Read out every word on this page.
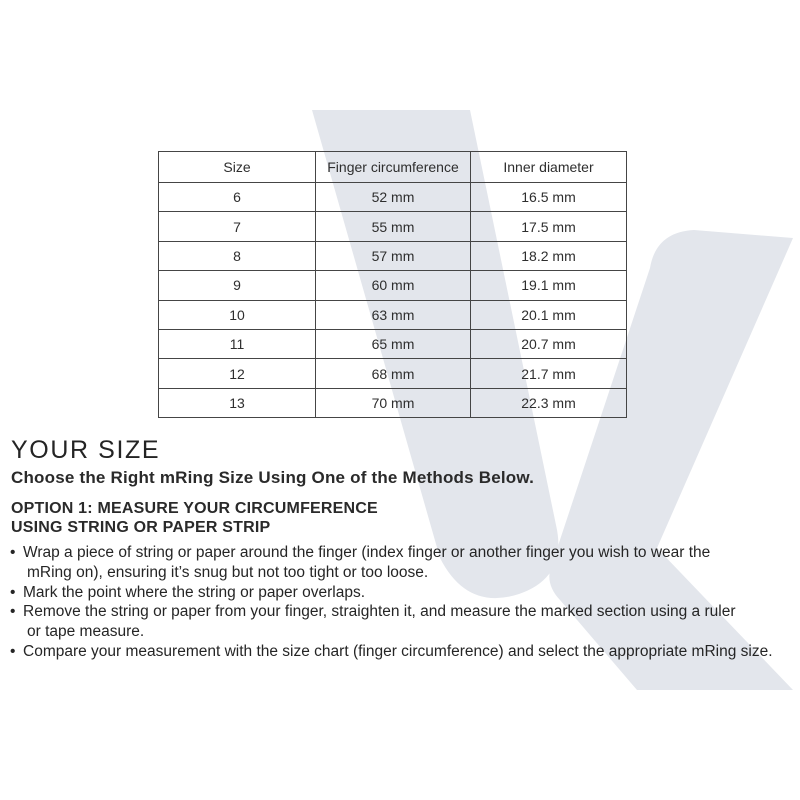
Size	Finger circumference	Inner diameter
6	52 mm	16.5 mm
7	55 mm	17.5 mm
8	57 mm	18.2 mm
9	60 mm	19.1 mm
10	63 mm	20.1 mm
11	65 mm	20.7 mm
12	68 mm	21.7 mm
13	70 mm	22.3 mm
YOUR SIZE

Choose the Right mRing Size Using One of the Methods Below.

OPTION 1: MEASURE YOUR CIRCUMFERENCE
USING STRING OR PAPER STRIP

• Wrap a piece of string or paper around the finger (index finger or another finger you wish to wear the
mRing on), ensuring it’s snug but not too tight or too loose.
• Mark the point where the string or paper overlaps.
• Remove the string or paper from your finger, straighten it, and measure the marked section using a ruler
or tape measure.
• Compare your measurement with the size chart (finger circumference) and select the appropriate mRing size.
